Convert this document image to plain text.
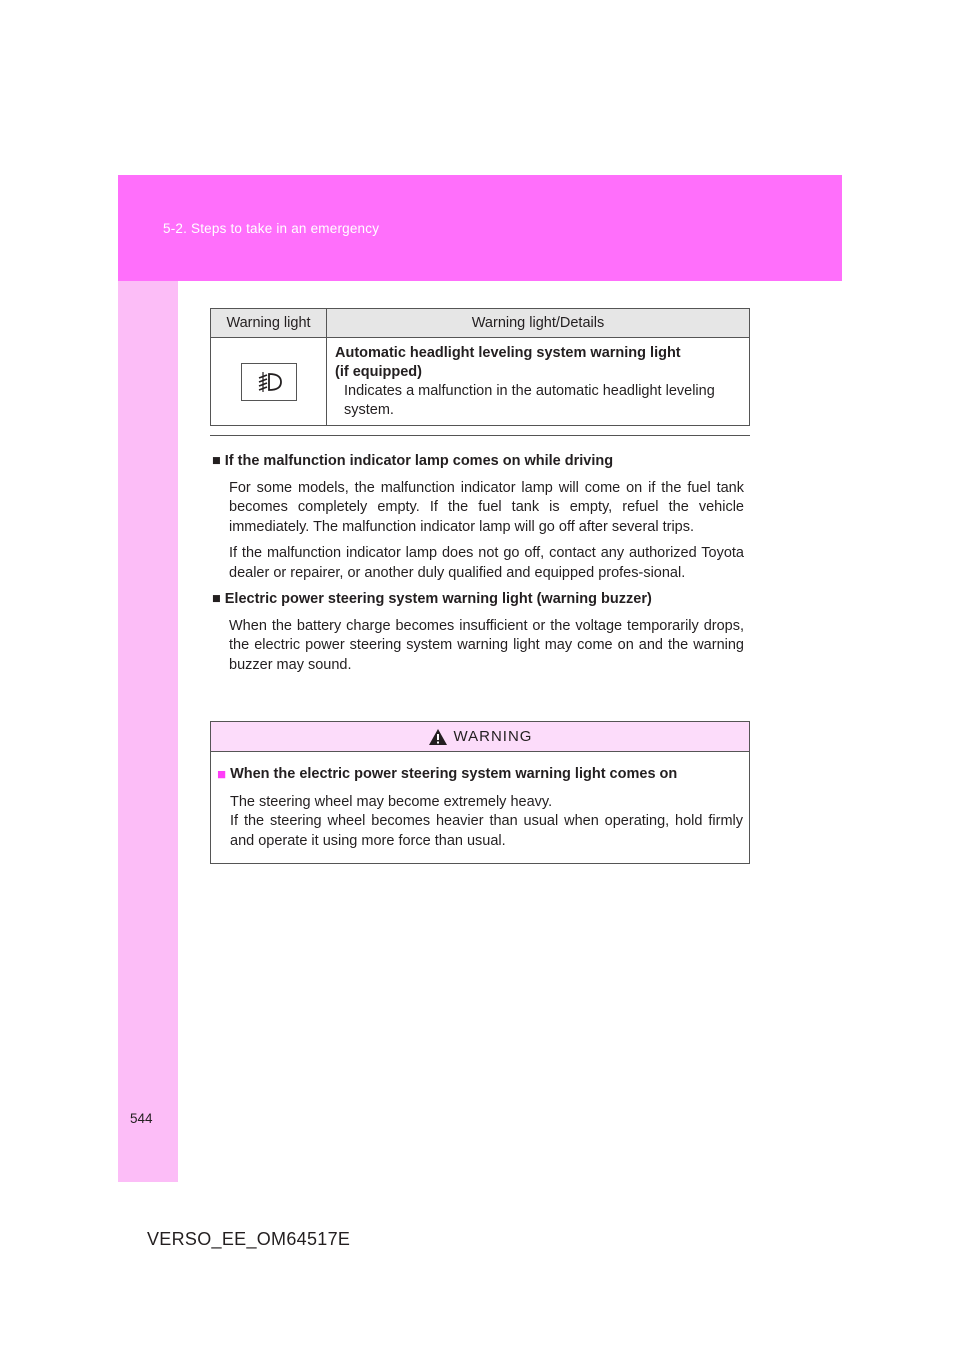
5-2. Steps to take in an emergency
Warning light	Warning light/Details

Automatic headlight leveling system warning light
(if equipped)
Indicates a malfunction in the automatic headlight leveling system.

■ If the malfunction indicator lamp comes on while driving

For some models, the malfunction indicator lamp will come on if the fuel tank becomes completely empty. If the fuel tank is empty, refuel the vehicle immediately. The malfunction indicator lamp will go off after several trips.

If the malfunction indicator lamp does not go off, contact any authorized Toyota dealer or repairer, or another duly qualified and equipped profes-sional.

■ Electric power steering system warning light (warning buzzer)

When the battery charge becomes insufficient or the voltage temporarily drops, the electric power steering system warning light may come on and the warning buzzer may sound.

WARNING

■ When the electric power steering system warning light comes on

The steering wheel may become extremely heavy.
If the steering wheel becomes heavier than usual when operating, hold firmly and operate it using more force than usual.

544
VERSO_EE_OM64517E
